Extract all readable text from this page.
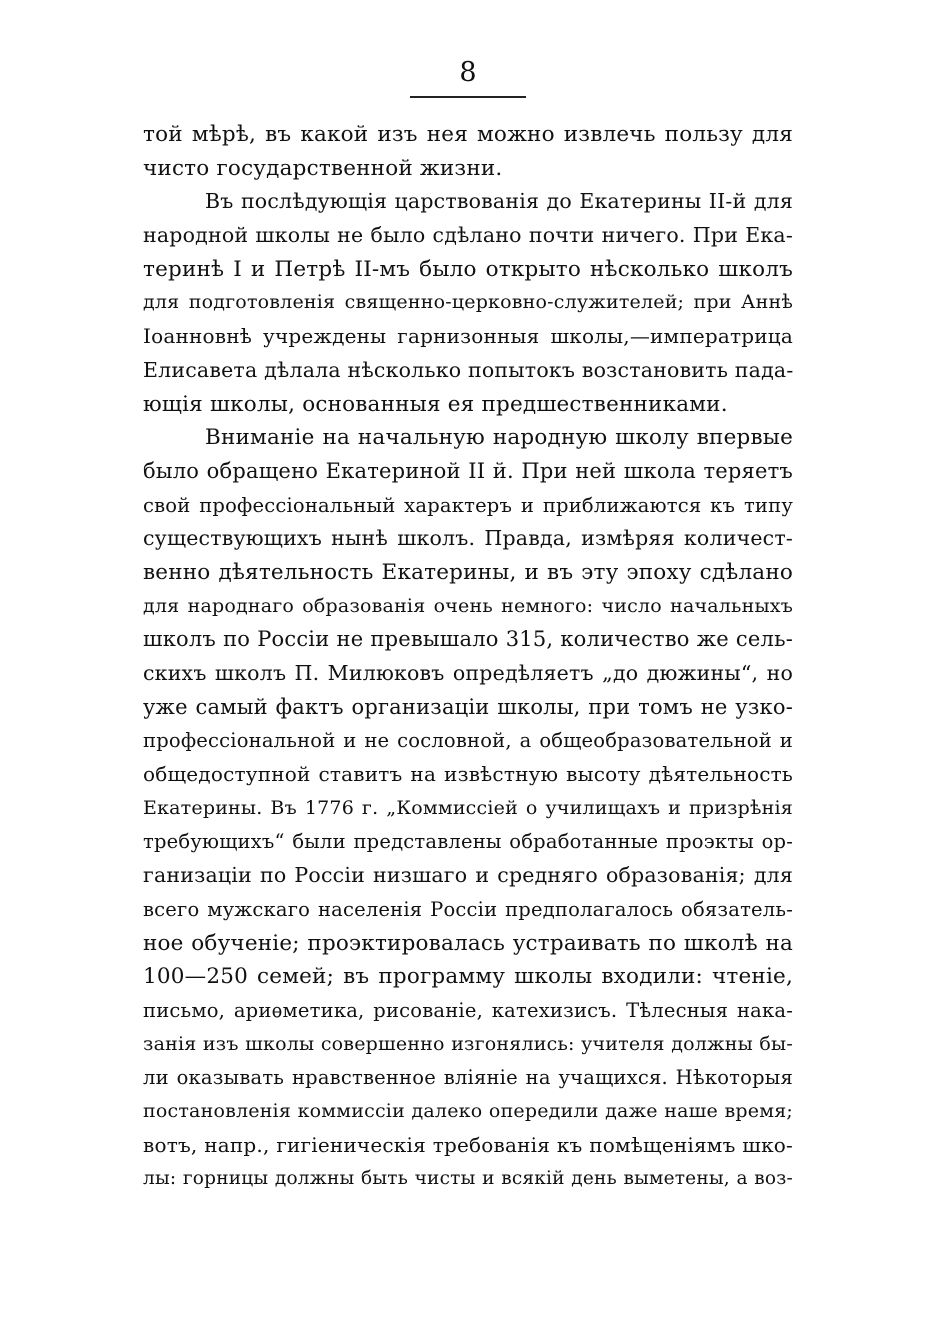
8
той мѣрѣ, въ какой изъ нея можно извлечь пользу для
чисто государственной жизни.
Въ послѣдующія царствованія до Екатерины II-й для
народной школы не было сдѣлано почти ничего. При Ека-
теринѣ I и Петрѣ II-мъ было открыто нѣсколько школъ
для подготовленія священно-церковно-служителей; при Аннѣ
Іоанновнѣ учреждены гарнизонныя школы,—императрица
Елисавета дѣлала нѣсколько попытокъ возстановить пада-
ющія школы, основанныя ея предшественниками.
Вниманіе на начальную народную школу впервые
было обращено Екатериной II й. При ней школа теряетъ
свой профессіональный характеръ и приближаются къ типу
существующихъ нынѣ школъ. Правда, измѣряя количест-
венно дѣятельность Екатерины, и въ эту эпоху сдѣлано
для народнаго образованія очень немного: число начальныхъ
школъ по Россіи не превышало 315, количество же сель-
скихъ школъ П. Милюковъ опредѣляетъ „до дюжины“, но
уже самый фактъ организаціи школы, при томъ не узко-
профессіональной и не сословной, а общеобразовательной и
общедоступной ставитъ на извѣстную высоту дѣятельность
Екатерины. Въ 1776 г. „Коммиссіей о училищахъ и призрѣнія
требующихъ“ были представлены обработанные проэкты ор-
ганизаціи по Россіи низшаго и средняго образованія; для
всего мужскаго населенія Россіи предполагалось обязатель-
ное обученіе; проэктировалась устраивать по школѣ на
100—250 семей; въ программу школы входили: чтеніе,
письмо, ариѳметика, рисованіе, катехизисъ. Тѣлесныя нака-
занія изъ школы совершенно изгонялись: учителя должны бы-
ли оказывать нравственное вліяніе на учащихся. Нѣкоторыя
постановленія коммиссіи далеко опередили даже наше время;
вотъ, напр., гигіеническія требованія къ помѣщеніямъ шко-
лы: горницы должны быть чисты и всякій день выметены, а воз-
